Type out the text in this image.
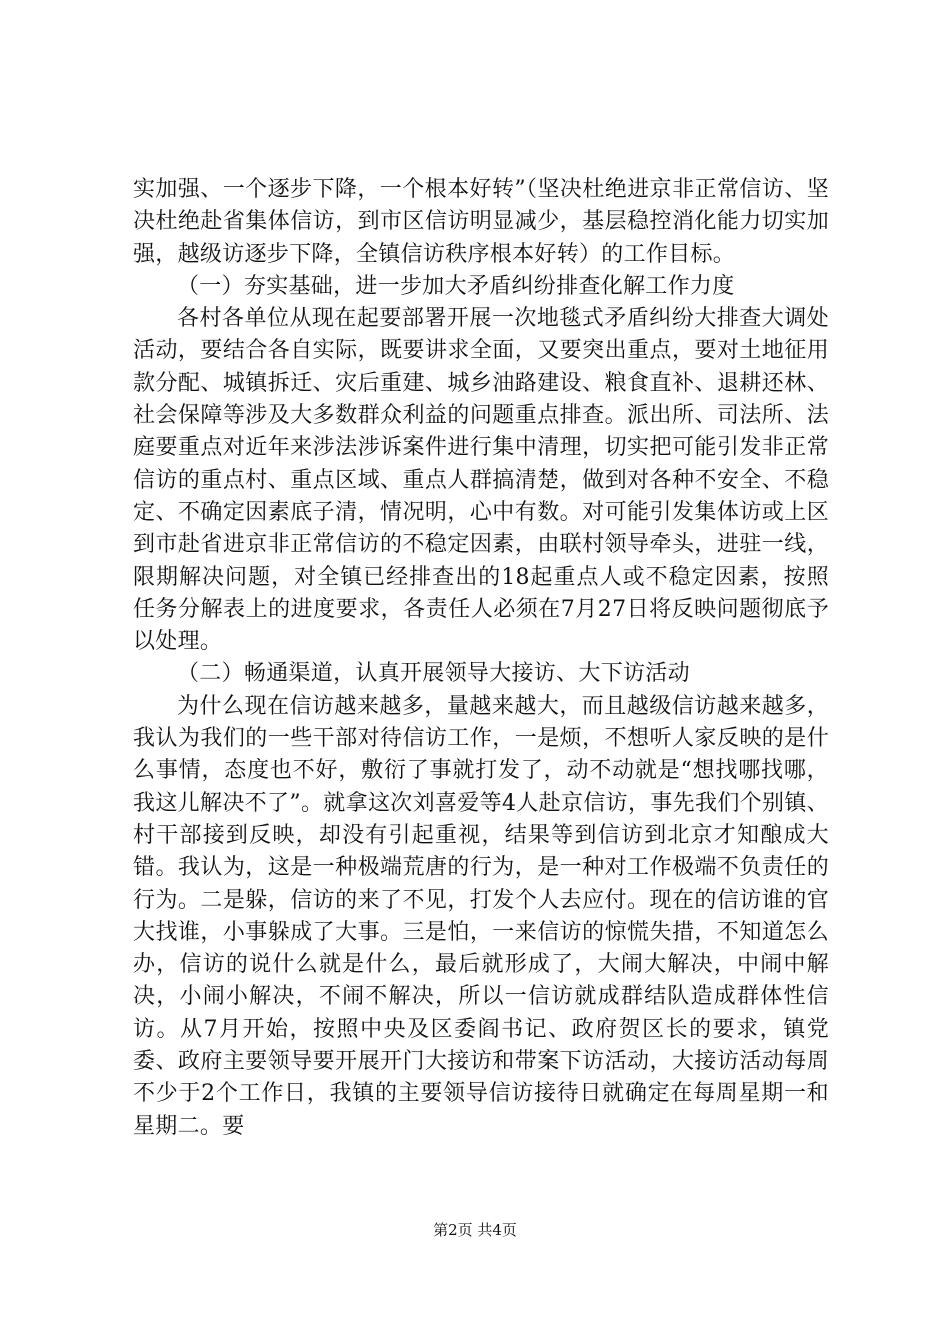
实加强、一个逐步下降，一个根本好转”（坚决杜绝进京非正常信访、坚决杜绝赴省集体信访，到市区信访明显减少，基层稳控消化能力切实加强，越级访逐步下降，全镇信访秩序根本好转）的工作目标。

（一）夯实基础，进一步加大矛盾纠纷排查化解工作力度

各村各单位从现在起要部署开展一次地毯式矛盾纠纷大排查大调处活动，要结合各自实际，既要讲求全面，又要突出重点，要对土地征用款分配、城镇拆迁、灾后重建、城乡油路建设、粮食直补、退耕还林、社会保障等涉及大多数群众利益的问题重点排查。派出所、司法所、法庭要重点对近年来涉法涉诉案件进行集中清理，切实把可能引发非正常信访的重点村、重点区域、重点人群搞清楚，做到对各种不安全、不稳定、不确定因素底子清，情况明，心中有数。对可能引发集体访或上区到市赴省进京非正常信访的不稳定因素，由联村领导牵头，进驻一线，限期解决问题，对全镇已经排查出的18起重点人或不稳定因素，按照任务分解表上的进度要求，各责任人必须在7月27日将反映问题彻底予以处理。

（二）畅通渠道，认真开展领导大接访、大下访活动

为什么现在信访越来越多，量越来越大，而且越级信访越来越多，我认为我们的一些干部对待信访工作，一是烦，不想听人家反映的是什么事情，态度也不好，敷衍了事就打发了，动不动就是“想找哪找哪，我这儿解决不了”。就拿这次刘喜爱等4人赴京信访，事先我们个别镇、村干部接到反映，却没有引起重视，结果等到信访到北京才知酿成大错。我认为，这是一种极端荒唐的行为，是一种对工作极端不负责任的行为。二是躲，信访的来了不见，打发个人去应付。现在的信访谁的官大找谁，小事躲成了大事。三是怕，一来信访的惊慌失措，不知道怎么办，信访的说什么就是什么，最后就形成了，大闹大解决，中闹中解决，小闹小解决，不闹不解决，所以一信访就成群结队造成群体性信访。从7月开始，按照中央及区委阎书记、政府贺区长的要求，镇党委、政府主要领导要开展开门大接访和带案下访活动，大接访活动每周不少于2个工作日，我镇的主要领导信访接待日就确定在每周星期一和星期二。要

第2页 共4页
